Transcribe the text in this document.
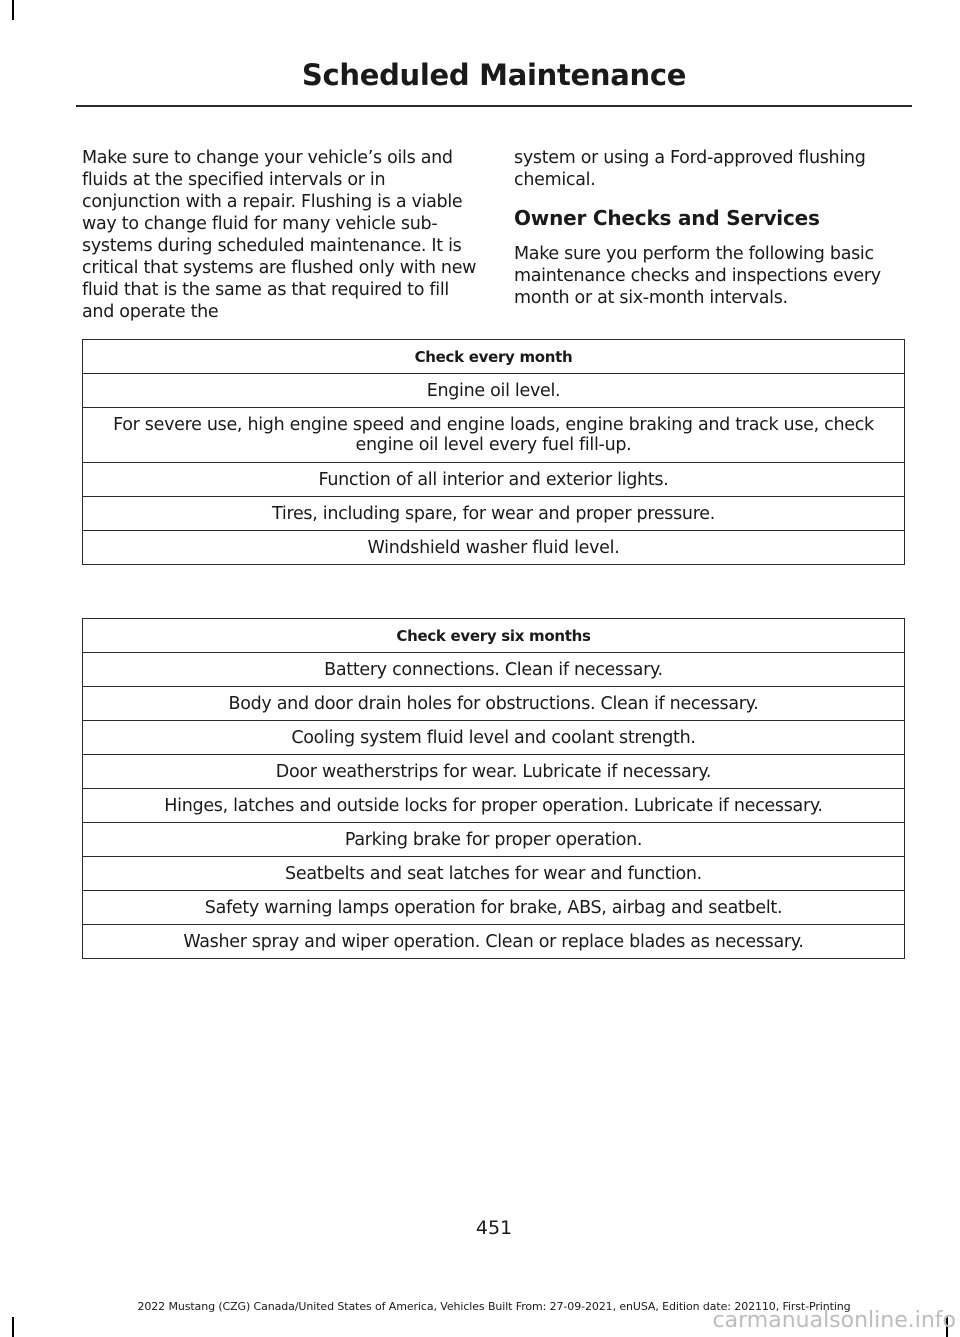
Scheduled Maintenance

Make sure to change your vehicle’s oils and fluids at the specified intervals or in conjunction with a repair. Flushing is a viable way to change fluid for many vehicle sub-systems during scheduled maintenance. It is critical that systems are flushed only with new fluid that is the same as that required to fill and operate the

system or using a Ford-approved flushing chemical.

Owner Checks and Services

Make sure you perform the following basic maintenance checks and inspections every month or at six-month intervals.

Check every month
Engine oil level.
For severe use, high engine speed and engine loads, engine braking and track use, check engine oil level every fuel fill-up.
Function of all interior and exterior lights.
Tires, including spare, for wear and proper pressure.
Windshield washer fluid level.
Check every six months
Battery connections. Clean if necessary.
Body and door drain holes for obstructions. Clean if necessary.
Cooling system fluid level and coolant strength.
Door weatherstrips for wear. Lubricate if necessary.
Hinges, latches and outside locks for proper operation. Lubricate if necessary.
Parking brake for proper operation.
Seatbelts and seat latches for wear and function.
Safety warning lamps operation for brake, ABS, airbag and seatbelt.
Washer spray and wiper operation. Clean or replace blades as necessary.
451
2022 Mustang (CZG) Canada/United States of America, Vehicles Built From: 27-09-2021, enUSA, Edition date: 202110, First-Printing
carmanualsonline.info
